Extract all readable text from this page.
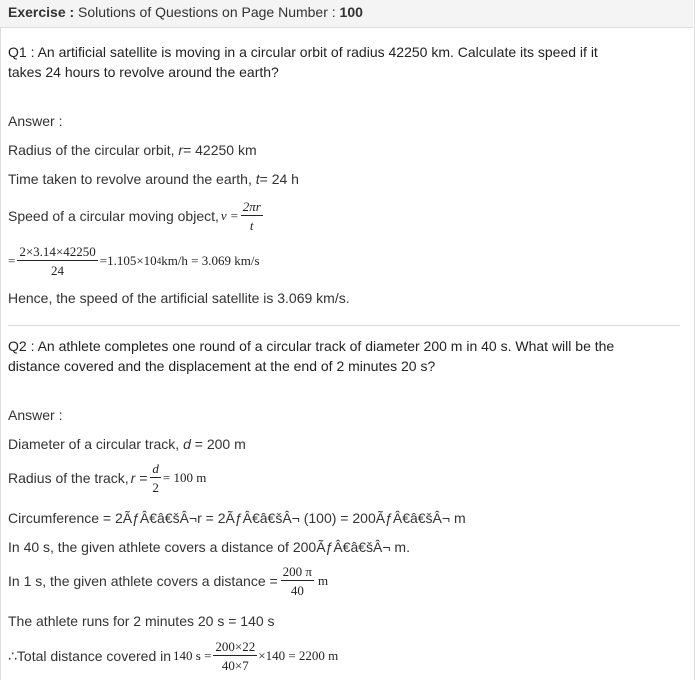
Exercise : Solutions of Questions on Page Number : 100
Q1 : An artificial satellite is moving in a circular orbit of radius 42250 km. Calculate its speed if it
takes 24 hours to revolve around the earth?
Answer :
Radius of the circular orbit, r= 42250 km
Time taken to revolve around the earth, t= 24 h
Speed of a circular moving object, $v = \frac{2\pi r}{t}$
= $\frac{2\times 3.14\times 42250}{24} =1.105\times 10$ 4 km/h = 3.069 km/s
Hence, the speed of the artificial satellite is 3.069 km/s.
Q2 : An athlete completes one round of a circular track of diameter 200 m in 40 s. What will be the
distance covered and the displacement at the end of 2 minutes 20 s?
Answer :
Diameter of a circular track, d = 200 m
Radius of the track, $r = \frac{d}{2} = 100$ m
Circumference = 2ÃƒÂ€â€šÂ¬r = 2ÃƒÂ€â€šÂ¬ (100) = 200ÃƒÂ€â€šÂ¬ m
In 40 s, the given athlete covers a distance of 200ÃƒÂ€â€šÂ¬ m.
In 1 s, the given athlete covers a distance = $\frac{200 \pi}{40}$ m
The athlete runs for 2 minutes 20 s = 140 s
∴ Total distance covered in 140 $s = \frac{200\times 22}{40\times 7} \times 140 = 2200$ m
